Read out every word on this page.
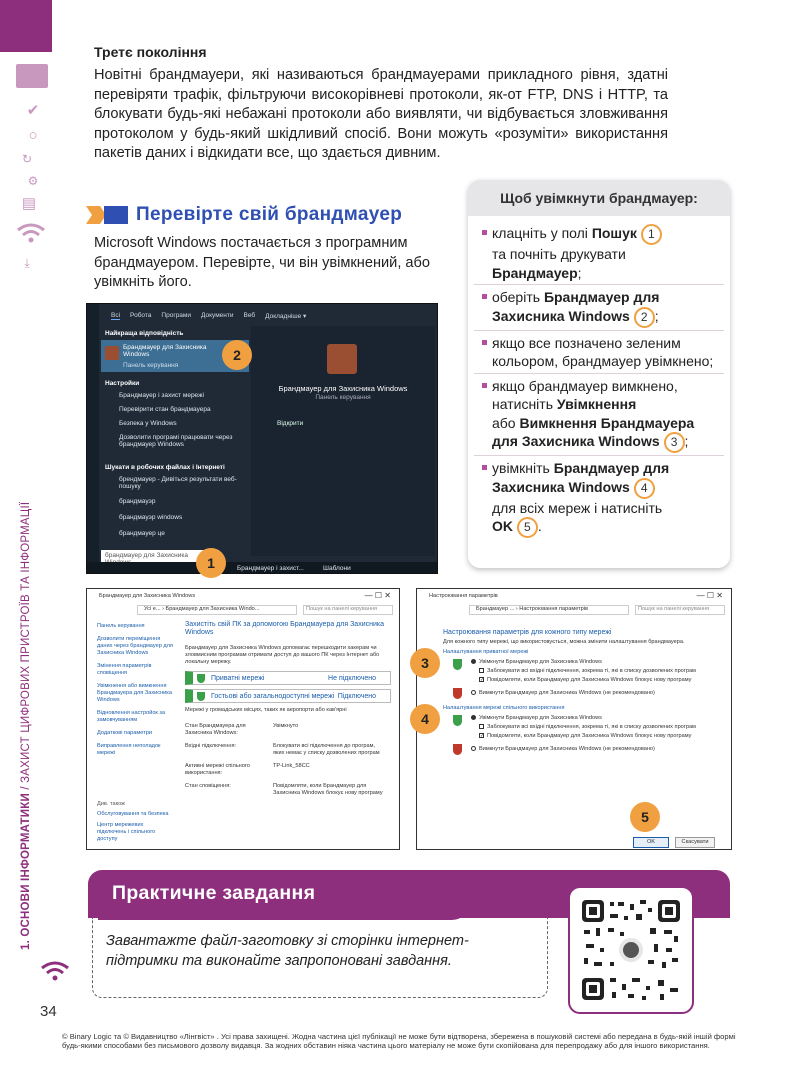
✔
○
↻
⚙
▤
⤓
1. ОСНОВИ ІНФОРМАТИКИ / ЗАХИСТ ЦИФРОВИХ ПРИСТРОЇВ ТА ІНФОРМАЦІЇ
34
Третє покоління
Новітні брандмауери, які називаються брандмауерами прикладного рівня, здатні перевіряти трафік, фільтруючи високорівневі протоколи, як-от FTP, DNS і HTTP, та блокувати будь-які небажані протоколи або виявляти, чи відбувається зловживання протоколом у будь-який шкідливий спосіб. Вони можуть «розуміти» використання пакетів даних і відкидати все, що здається дивним.
Перевірте свій брандмауер
Microsoft Windows постачається з програмним брандмауером. Перевірте, чи він увімкнений, або увімкніть його.
Щоб увімкнути брандмауер:
клацніть у полі Пошук 1
та почніть друкувати
Брандмауер;
оберіть Брандмауер для Захисника Windows 2 ;
якщо все позначено зеленим кольором, брандмауер увімкнено;
якщо брандмауер вимкнено, натисніть Увімкнення
або Вимкнення Брандмауера для Захисника Windows 3 ;
увімкніть Брандмауер для Захисника Windows 4
для всіх мереж і натисніть
OK 5 .
Всі Робота Програми Документи Веб Докладніше ▾
Найкраща відповідність
Брандмауер для Захисника Windows
Панель керування
Настройки
Брандмауер і захист мережі
Перевірити стан брандмауера
Безпека у Windows
Дозволити програмі працювати через брандмауер Windows
Шукати в робочих файлах і Інтернеті
брендмауер - Дивіться результати веб-пошуку
брандмауэр
брандмауэр windows
брандмауер це
брандмауер для Захисника
Брандмауер для Захисника Windows
Панель керування
Відкрити
Брандмауер і захист...	Шаблони
2
1
Брандмауер для Захисника Windows	— ☐ ✕
Усі е... › Брандмауер для Захисника Windo...	Пошук на панелі керування
Панель керування
Дозволити переміщення даних через брандмауер для Захисника Windows
Змінення параметрів сповіщення
Увімкнення або вимкнення Брандмауера для Захисника Windows
Відновлення настройок за замовчуванням
Додаткові параметри
Виправлення неполадок мережі
Див. також
Обслуговування та безпека
Центр мережевих підключень і спільного доступу
Захистіть свій ПК за допомогою Брандмауера для Захисника Windows
Брандмауер для Захисника Windows допомагає перешкодити хакерам чи зловмисним програмам отримати доступ до вашого ПК через Інтернет або локальну мережу.
Приватні мережі	Не підключено
Гостьові або загальнодоступні мережі Підключено
Мережі у громадських місцях, таких як аеропорти або кав'ярні
Стан Брандмауера для Захисника Windows:
Увімкнуто
Вхідні підключення:	Блокувати всі підключення до програм, яких немає у списку дозволених програм
Активні мережі спільного використання:
TP-Link_58CC
Стан сповіщення:	Повідомляти, коли Брандмауер для Захисника Windows блокує нову програму
Настроювання параметрів	— ☐ ✕
Брандмауер ... › Настроювання параметрів	Пошук на панелі керування
Настроювання параметрів для кожного типу мережі
Для кожного типу мережі, що використовується, можна змінити налаштування брандмауера.
Налаштування приватної мережі
Увімкнути Брандмауер для Захисника Windows
Заблокувати всі вхідні підключення, зокрема ті, які в списку дозволених програм
✓ Повідомляти, коли Брандмауер для Захисника Windows блокує нову програму
Вимкнути Брандмауер для Захисника Windows (не рекомендовано)
Налаштування мережі спільного використання
Увімкнути Брандмауер для Захисника Windows
Заблокувати всі вхідні підключення, зокрема ті, які в списку дозволених програм
✓ Повідомляти, коли Брандмауер для Захисника Windows блокує нову програму
Вимкнути Брандмауер для Захисника Windows (не рекомендовано)
OK	Скасувати
3
4
5
Практичне завдання
Завантажте файл-заготовку зі сторінки інтернет-підтримки та виконайте запропоновані завдання.
© Binary Logic та © Видавництво «Лінгвіст» . Усі права захищені. Жодна частина цієї публікації не може бути відтворена, збережена в пошуковій системі або передана в будь-якій іншій формі будь-якими способами без письмового дозволу видавця. За жодних обставин ніяка частина цього матеріалу не може бути скопійована для перепродажу або для іншого використання.
